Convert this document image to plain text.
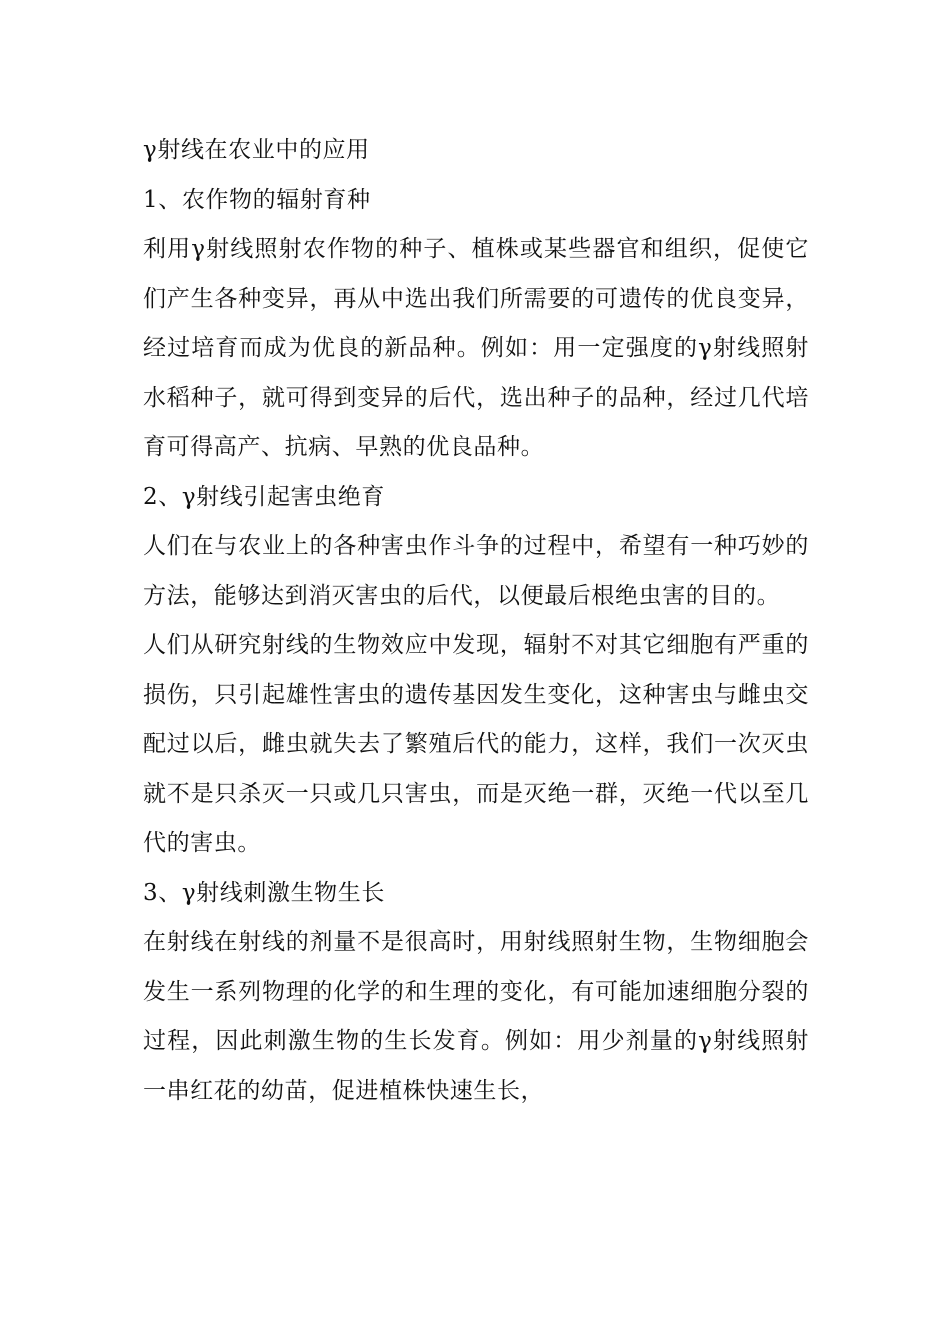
γ射线在农业中的应用

1、农作物的辐射育种

利用γ射线照射农作物的种子、植株或某些器官和组织，促使它们产生各种变异，再从中选出我们所需要的可遗传的优良变异，经过培育而成为优良的新品种。例如：用一定强度的γ射线照射水稻种子，就可得到变异的后代，选出种子的品种，经过几代培育可得高产、抗病、早熟的优良品种。

2、γ射线引起害虫绝育

人们在与农业上的各种害虫作斗争的过程中，希望有一种巧妙的方法，能够达到消灭害虫的后代，以便最后根绝虫害的目的。

人们从研究射线的生物效应中发现，辐射不对其它细胞有严重的损伤，只引起雄性害虫的遗传基因发生变化，这种害虫与雌虫交配过以后，雌虫就失去了繁殖后代的能力，这样，我们一次灭虫就不是只杀灭一只或几只害虫，而是灭绝一群，灭绝一代以至几代的害虫。

3、γ射线刺激生物生长

在射线在射线的剂量不是很高时，用射线照射生物，生物细胞会发生一系列物理的化学的和生理的变化，有可能加速细胞分裂的过程，因此刺激生物的生长发育。例如：用少剂量的γ射线照射一串红花的幼苗，促进植株快速生长，
